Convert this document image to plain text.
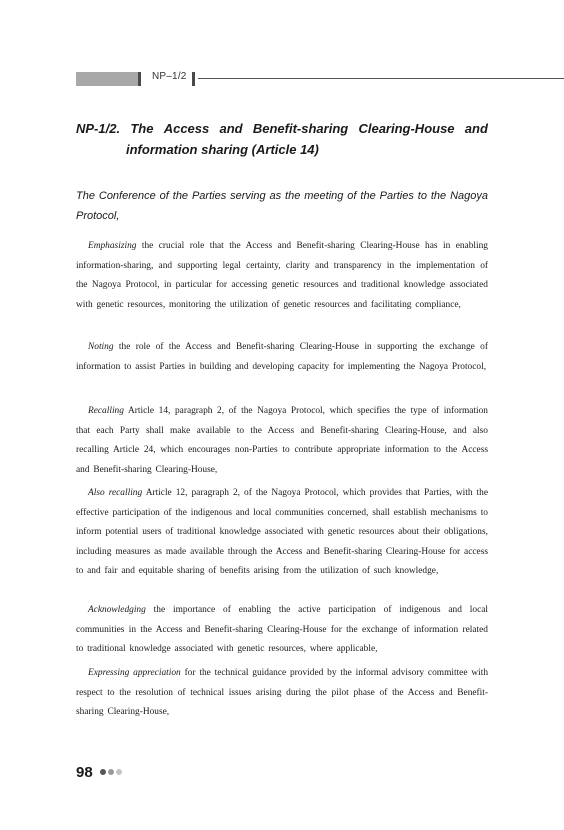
NP–1/2
NP-1/2. The Access and Benefit-sharing Clearing-House and
information sharing (Article 14)
The Conference of the Parties serving as the meeting of the Parties to the Nagoya Protocol,

Emphasizing the crucial role that the Access and Benefit-sharing Clearing-House has in enabling information-sharing, and supporting legal certainty, clarity and transparency in the implementation of the Nagoya Protocol, in particular for accessing genetic resources and traditional knowledge associated with genetic resources, monitoring the utilization of genetic resources and facilitating compliance,

Noting the role of the Access and Benefit-sharing Clearing-House in supporting the exchange of information to assist Parties in building and developing capacity for implementing the Nagoya Protocol,

Recalling Article 14, paragraph 2, of the Nagoya Protocol, which specifies the type of information that each Party shall make available to the Access and Benefit-sharing Clearing-House, and also recalling Article 24, which encourages non-Parties to contribute appropriate information to the Access and Benefit-sharing Clearing-House,

Also recalling Article 12, paragraph 2, of the Nagoya Protocol, which provides that Parties, with the effective participation of the indigenous and local communities concerned, shall establish mechanisms to inform potential users of traditional knowledge associated with genetic resources about their obligations, including measures as made available through the Access and Benefit-sharing Clearing-House for access to and fair and equitable sharing of benefits arising from the utilization of such knowledge,

Acknowledging the importance of enabling the active participation of indigenous and local communities in the Access and Benefit-sharing Clearing-House for the exchange of information related to traditional knowledge associated with genetic resources, where applicable,

Expressing appreciation for the technical guidance provided by the informal advisory committee with respect to the resolution of technical issues arising during the pilot phase of the Access and Benefit-sharing Clearing-House,

98
